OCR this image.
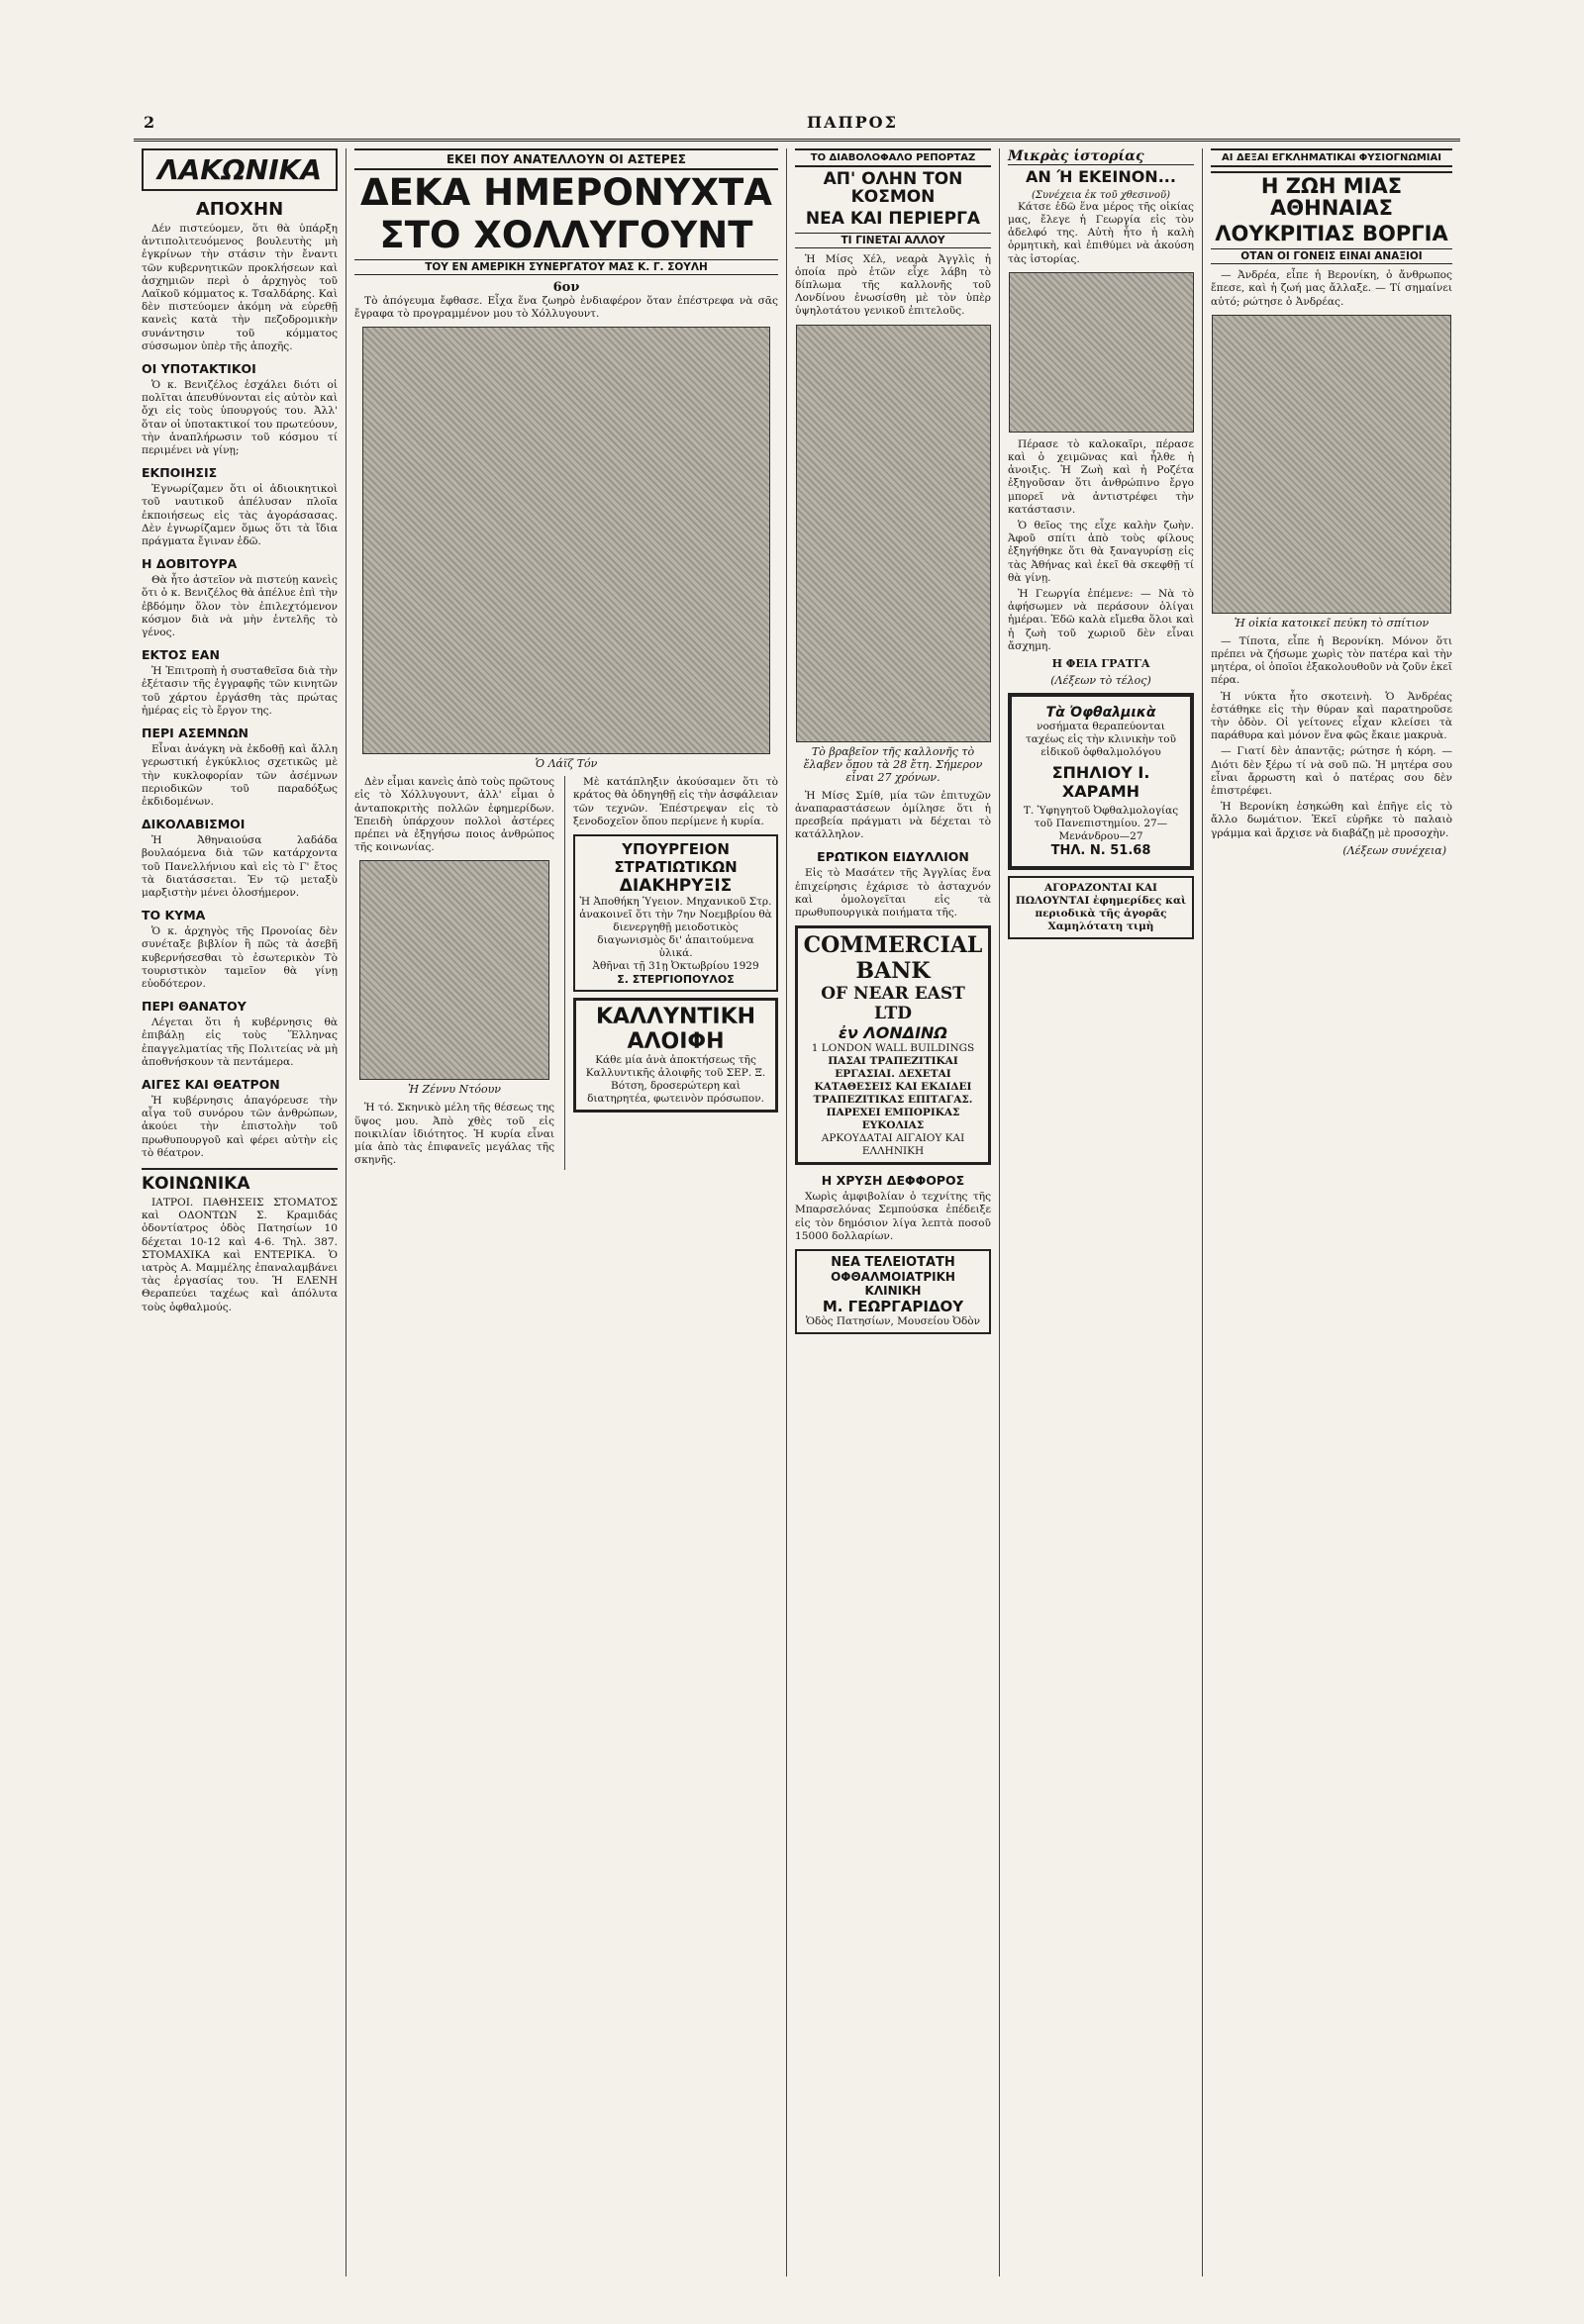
2	ΠΑΠΡΟΣ
ΛΑΚΩΝΙΚΑ
ΑΠΟΧΗΝ

Δέν πιστεύομεν, ὅτι θὰ ὑπάρξη ἀντιπολιτευόμενος βουλευτὴς μὴ ἐγκρίνων τὴν στάσιν τὴν ἔναντι τῶν κυβερνητικῶν προκλήσεων καὶ ἀσχημιῶν περὶ ὁ ἀρχηγὸς τοῦ Λαϊκοῦ κόμματος κ. Τσαλδάρης. Καὶ δὲν πιστεύομεν ἀκόμη νὰ εὑρεθῇ κανεὶς κατὰ τὴν πεζοδρομικὴν συνάντησιν τοῦ κόμματος σύσσωμον ὑπὲρ τῆς ἀποχῆς.

ΟΙ ΥΠΟΤΑΚΤΙΚΟΙ

Ὁ κ. Βενιζέλος ἐσχάλει διότι οἱ πολῖται ἀπευθύνονται εἰς αὐτὸν καὶ ὄχι εἰς τοὺς ὑπουργούς του. Ἀλλ' ὅταν οἱ ὑποτακτικοί του πρωτεύουν, τὴν ἀναπλήρωσιν τοῦ κόσμου τί περιμένει νὰ γίνῃ;

ΕΚΠΟΙΗΣΙΣ

Ἐγνωρίζαμεν ὅτι οἱ ἀδιοικητικοὶ τοῦ ναυτικοῦ ἀπέλυσαν πλοῖα ἐκποιήσεως εἰς τὰς ἀγοράσασας. Δὲν ἐγνωρίζαμεν ὅμως ὅτι τὰ ἴδια πράγματα ἔγιναν ἐδῶ.

Η ΔΟΒΙΤΟΥΡΑ

Θὰ ἦτο ἀστεῖον νὰ πιστεύῃ κανεὶς ὅτι ὁ κ. Βενιζέλος θὰ ἀπέλυε ἐπὶ τὴν ἐβδόμην ὅλον τὸν ἐπιλεχτόμενον κόσμον διὰ νὰ μὴν ἐντελῆς τὸ γένος.

ΕΚΤΟΣ ΕΑΝ

Ἡ Ἐπιτροπὴ ἡ συσταθεῖσα διὰ τὴν ἐξέτασιν τῆς ἐγγραφῆς τῶν κινητῶν τοῦ χάρτου ἐργάσθη τὰς πρώτας ἡμέρας εἰς τὸ ἔργον της.

ΠΕΡΙ ΑΣΕΜΝΩΝ

Εἶναι ἀνάγκη νὰ ἐκδοθῇ καὶ ἄλλη γερωστική ἐγκύκλιος σχετικῶς μὲ τὴν κυκλοφορίαν τῶν ἀσέμνων περιοδικῶν τοῦ παραδόξως ἐκδιδομένων.

ΔΙΚΟΛΑΒΙΣΜΟΙ

Ἡ Ἀθηναιούσα λαδάδα βουλαόμενα διὰ τῶν κατάρχοντα τοῦ Πανελλήνιου καὶ εἰς τὸ Γ' ἔτος τὰ διατάσσεται. Ἐν τῷ μεταξὺ μαρξιστὴν μένει ὁλοσήμερον.

ΤΟ ΚΥΜΑ

Ὁ κ. ἀρχηγὸς τῆς Προνοίας δὲν συνέταξε βιβλίον ἢ πῶς τὰ ἀσεβῆ κυβερνήσεσθαι τὸ ἐσωτερικὸν Τὸ τουριστικὸν ταμεῖον θὰ γίνῃ εὐοδότερον.

ΠΕΡΙ ΘΑΝΑΤΟΥ

Λέγεται ὅτι ἡ κυβέρνησις θὰ ἐπιβάλῃ εἰς τοὺς Ἕλληνας ἐπαγγελματίας τῆς Πολιτείας νὰ μὴ ἀποθνήσκουν τὰ πεντάμερα.

ΑΙΓΕΣ ΚΑΙ ΘΕΑΤΡΟΝ

Ἡ κυβέρνησις ἀπαγόρευσε τὴν αἶγα τοῦ συνόρου τῶν ἀνθρώπων, ἀκούει τὴν ἐπιστολὴν τοῦ πρωθυπουργοῦ καὶ φέρει αὐτὴν εἰς τὸ θέατρον.

ΚΟΙΝΩΝΙΚΑ

ΙΑΤΡΟΙ. ΠΑΘΗΣΕΙΣ ΣΤΟΜΑΤΟΣ καὶ ΟΔΟΝΤΩΝ Σ. Κραμιδάς ὁδοντίατρος ὁδὸς Πατησίων 10 δέχεται 10-12 καὶ 4-6. Τηλ. 387. ΣΤΟΜΑΧΙΚΑ καὶ ΕΝΤΕΡΙΚΑ. Ὁ ιατρὸς Α. Μαμμέλης ἐπαναλαμβάνει τὰς ἐργασίας του. Ἡ ΕΛΕΝΗ Θεραπεύει ταχέως καὶ ἀπόλυτα τοὺς ὀφθαλμούς.

ΕΚΕΙ ΠΟΥ ΑΝΑΤΕΛΛΟΥΝ ΟΙ ΑΣΤΕΡΕΣ
ΔΕΚΑ ΗΜΕΡΟΝΥΧΤΑ
ΣΤΟ ΧΟΛΛΥΓΟΥΝΤ
ΤΟΥ ΕΝ ΑΜΕΡΙΚΗ ΣΥΝΕΡΓΑΤΟΥ ΜΑΣ Κ. Γ. ΣΟΥΛΗ
6ον

Τὸ ἀπόγευμα ἔφθασε. Εἶχα ἕνα ζωηρὸ ἐνδιαφέρον ὅταν ἐπέστρεφα νὰ σᾶς ἔγραφα τὸ προγραμμένον μου τὸ Χόλλυγουντ.

Ὁ Λάϊζ Τόν

Δὲν εἶμαι κανεὶς ἀπὸ τοὺς πρῶτους εἰς τὸ Χόλλυγουντ, ἀλλ' εἶμαι ὁ ἀνταποκριτὴς πολλῶν ἐφημερίδων. Ἐπειδὴ ὑπάρχουν πολλοὶ ἀστέρες πρέπει νὰ ἐξηγήσω ποιος ἀνθρώπος τῆς κοινωνίας.

Ἡ Ζέννυ Ντόουν

Ἡ τό. Σκηνικὸ μέλη τῆς θέσεως της ὕψος μου. Ἀπὸ χθὲς τοῦ εἰς ποικιλίαν ἰδιότητος. Ἡ κυρία εἶναι μία ἀπὸ τὰς ἐπιφανεῖς μεγάλας τῆς σκηνῆς.

Μὲ κατάπληξιν ἀκούσαμεν ὅτι τὸ κράτος θὰ ὁδηγηθῇ εἰς τὴν ἀσφάλειαν τῶν τεχνῶν. Ἐπέστρεψαν εἰς τὸ ξενοδοχεῖον ὅπου περίμενε ἡ κυρία.

ΥΠΟΥΡΓΕΙΟΝ ΣΤΡΑΤΙΩΤΙΚΩΝ
ΔΙΑΚΗΡΥΞΙΣ
Ἡ Ἀποθήκη Ὑγειον. Μηχανικοῦ Στρ. ἀνακοινεῖ ὅτι τὴν 7ην Νοεμβρίου θὰ διενεργηθῇ μειοδοτικὸς διαγωνισμὸς δι' ἀπαιτούμενα ὑλικά.
Ἀθῆναι τῇ 31ῃ Ὀκτωβρίου 1929
Σ. ΣΤΕΡΓΙΟΠΟΥΛΟΣ
ΚΑΛΛΥΝΤΙΚΗ ΑΛΟΙΦΗ
Κάθε μία ἀνὰ ἀποκτήσεως τῆς Καλλυντικῆς ἀλοιφῆς τοῦ ΣΕΡ. Ξ. Βότση, δροσερώτερη καὶ διατηρητέα, φωτεινὸν πρόσωπον.
ΤΟ ΔΙΑΒΟΛΟΦΑΛΟ ΡΕΠΟΡΤΑΖ
ΑΠ' ΟΛΗΝ ΤΟΝ ΚΟΣΜΟΝ
ΝΕΑ ΚΑΙ ΠΕΡΙΕΡΓΑ
ΤΙ ΓΙΝΕΤΑΙ ΑΛΛΟΥ

Ἡ Μίσς Χέλ, νεαρὰ Ἀγγλὶς ἡ ὁποία πρὸ ἐτῶν εἶχε λάβη τὸ δίπλωμα τῆς καλλονῆς τοῦ Λονδίνου ἐνωσίσθη μὲ τὸν ὑπὲρ ὑψηλοτάτου γενικοῦ ἐπιτελοῦς.

Τὸ βραβεῖον τῆς καλλονῆς τὸ ἔλαβεν ὅπου τὰ 28 ἔτη. Σήμερον εἶναι 27 χρόνων.

Ἡ Μίσς Σμίθ, μία τῶν ἐπιτυχῶν ἀναπαραστάσεων ὁμίλησε ὅτι ἡ πρεσβεία πράγματι νὰ δέχεται τὸ κατάλληλον.

ΕΡΩΤΙΚΟΝ ΕΙΔΥΛΛΙΟΝ

Εἰς τὸ Μασάτεν τῆς Ἀγγλίας ἕνα ἐπιχείρησις ἐχάρισε τὸ ἀσταχνόν καὶ ὁμολογεῖται εἰς τὰ πρωθυπουργικὰ ποιήματα τῆς.

COMMERCIAL BANK
OF NEAR EAST LTD
ἐν ΛΟΝΔΙΝΩ
1 LONDON WALL BUILDINGS
ΠΑΣΑΙ ΤΡΑΠΕΖΙΤΙΚΑΙ ΕΡΓΑΣΙΑΙ. ΔΕΧΕΤΑΙ ΚΑΤΑΘΕΣΕΙΣ ΚΑΙ ΕΚΔΙΔΕΙ ΤΡΑΠΕΖΙΤΙΚΑΣ ΕΠΙΤΑΓΑΣ. ΠΑΡΕΧΕΙ ΕΜΠΟΡΙΚΑΣ ΕΥΚΟΛΙΑΣ
ΑΡΚΟΥΔΑΤΑΙ ΑΙΓΑΙΟΥ ΚΑΙ ΕΛΛΗΝΙΚΗ
Η ΧΡΥΣΗ ΔΕΦΦΟΡΟΣ

Χωρὶς ἀμφιβολίαν ὁ τεχνίτης τῆς Μπαρσελόνας Σεμπούσκα ἐπέδειξε εἰς τὸν δημόσιον λίγα λεπτὰ ποσοῦ 15000 δολλαρίων.

ΝΕΑ ΤΕΛΕΙΟΤΑΤΗ
ΟΦΘΑΛΜΟΙΑΤΡΙΚΗ ΚΛΙΝΙΚΗ
Μ. ΓΕΩΡΓΑΡΙΔΟΥ
Ὁδὸς Πατησίων, Μουσείου Ὀδὸν
Μικρὰς ἱστορίας
ΑΝ Ή ΕΚΕΙΝΟΝ...
(Συνέχεια ἐκ τοῦ χθεσινοῦ)

Κάτσε ἐδῶ ἕνα μέρος τῆς οἰκίας μας, ἔλεγε ἡ Γεωργία εἰς τὸν ἀδελφό της. Αὐτὴ ἦτο ἡ καλὴ ὁρμητικὴ, καὶ ἐπιθύμει νὰ ἀκούση τὰς ἰστορίας.

Πέρασε τὸ καλοκαῖρι, πέρασε καὶ ὁ χειμῶνας καὶ ἦλθε ἡ ἀνοιξις. Ἡ Ζωὴ καὶ ἡ Ροζέτα ἐξηγοῦσαν ὅτι ἀνθρώπινο ἔργο μπορεῖ νὰ ἀντιστρέφει τὴν κατάστασιν.

Ὁ θεῖος της εἶχε καλὴν ζωὴν. Ἀφοῦ σπίτι ἀπὸ τοὺς φίλους ἐξηγήθηκε ὅτι θὰ ξαναγυρίσῃ εἰς τὰς Ἀθήνας καὶ ἐκεῖ θὰ σκεφθῇ τί θὰ γίνῃ.

Ἡ Γεωργία ἐπέμενε: — Νὰ τὸ ἀφήσωμεν νὰ περάσουν ὁλίγαι ἡμέραι. Ἐδῶ καλὰ εἴμεθα ὅλοι καὶ ἡ ζωὴ τοῦ χωριοῦ δὲν εἶναι ἄσχημη.

Η ΦΕΙΑ ΓΡΑΤΓΑ
(Λέξεων τὸ τέλος)
Τὰ Ὀφθαλμικὰ
νοσήματα θεραπεύονται ταχέως εἰς τὴν κλινικὴν τοῦ εἰδικοῦ ὀφθαλμολόγου
ΣΠΗΛΙΟΥ Ι. ΧΑΡΑΜΗ
Τ. Ὑφηγητοῦ Ὀφθαλμολογίας τοῦ Πανεπιστημίου. 27—Μενάνδρου—27
ΤΗΛ. Ν. 51.68
ΑΓΟΡΑΖΟΝΤΑΙ ΚΑΙ ΠΩΛΟΥΝΤΑΙ ἐφημερίδες καὶ περιοδικὰ τῆς ἀγορᾶς Χαμηλότατη τιμὴ
ΑΙ ΔΕΞΑΙ ΕΓΚΛΗΜΑΤΙΚΑΙ ΦΥΣΙΟΓΝΩΜΙΑΙ
Η ΖΩΗ ΜΙΑΣ ΑΘΗΝΑΙΑΣ
ΛΟΥΚΡΙΤΙΑΣ ΒΟΡΓΙΑ
ΟΤΑΝ ΟΙ ΓΟΝΕΙΣ ΕΙΝΑΙ ΑΝΑΞΙΟΙ

— Ἀνδρέα, εἶπε ἡ Βερονίκη, ὁ ἄνθρωπος ἔπεσε, καὶ ἡ ζωή μας ἄλλαξε. — Τί σημαίνει αὐτό; ρώτησε ὁ Ἀνδρέας.

Ἡ οἰκία κατοικεῖ πεύκη τὸ σπίτιον

— Τίποτα, εἶπε ἡ Βερονίκη. Μόνον ὅτι πρέπει νὰ ζήσωμε χωρὶς τὸν πατέρα καὶ τὴν μητέρα, οἱ ὁποῖοι ἐξακολουθοῦν νὰ ζοῦν ἐκεῖ πέρα.

Ἡ νύκτα ἦτο σκοτεινὴ. Ὁ Ἀνδρέας ἐστάθηκε εἰς τὴν θύραν καὶ παρατηροῦσε τὴν ὁδὸν. Οἱ γείτονες εἶχαν κλείσει τὰ παράθυρα καὶ μόνον ἕνα φῶς ἔκαιε μακρυὰ.

— Γιατί δὲν ἀπαντᾷς; ρώτησε ἡ κόρη. — Διότι δὲν ξέρω τί νὰ σοῦ πῶ. Ἡ μητέρα σου εἶναι ἄρρωστη καὶ ὁ πατέρας σου δὲν ἐπιστρέφει.

Ἡ Βερονίκη ἐσηκώθη καὶ ἐπῆγε εἰς τὸ ἄλλο δωμάτιον. Ἐκεῖ εὑρῆκε τὸ παλαιὸ γράμμα καὶ ἄρχισε νὰ διαβάζῃ μὲ προσοχὴν.

(Λέξεων συνέχεια)
